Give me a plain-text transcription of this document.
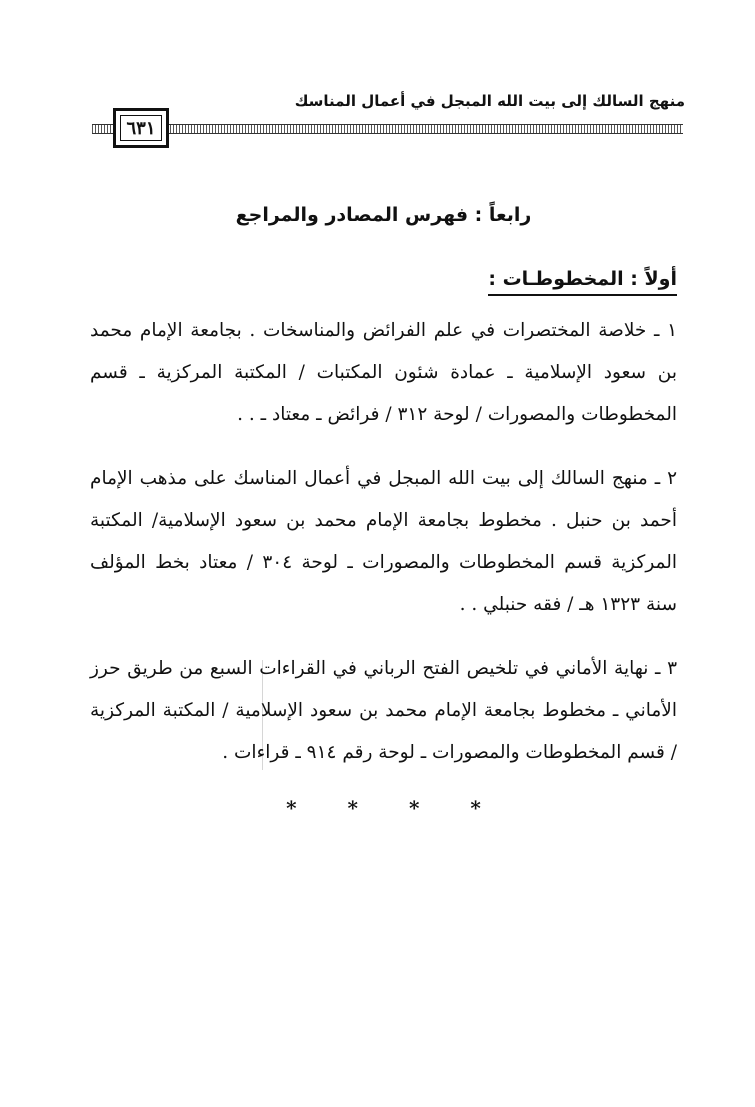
منهج السالك إلى بيت الله المبجل في أعمال المناسك
٦٣١
رابعاً : فهرس المصادر والمراجع
أولاً : المخطوطـات :

١ ـ خلاصة المختصرات في علم الفرائض والمناسخات . بجامعة الإمام محمد بن سعود الإسلامية ـ عمادة شئون المكتبات / المكتبة المركزية ـ قسم المخطوطات والمصورات / لوحة ٣١٢ / فرائض ـ معتاد ـ . .

٢ ـ منهج السالك إلى بيت الله المبجل في أعمال المناسك على مذهب الإمام أحمد بن حنبل . مخطوط بجامعة الإمام محمد بن سعود الإسلامية/ المكتبة المركزية قسم المخطوطات والمصورات ـ لوحة ٣٠٤ / معتاد بخط المؤلف سنة ١٣٢٣ هـ / فقه حنبلي . .

٣ ـ نهاية الأماني في تلخيص الفتح الرباني في القراءات السبع من طريق حرز الأماني ـ مخطوط بجامعة الإمام محمد بن سعود الإسلامية / المكتبة المركزية / قسم المخطوطات والمصورات ـ لوحة رقم ٩١٤ ـ قراءات .

*	*	*	*
